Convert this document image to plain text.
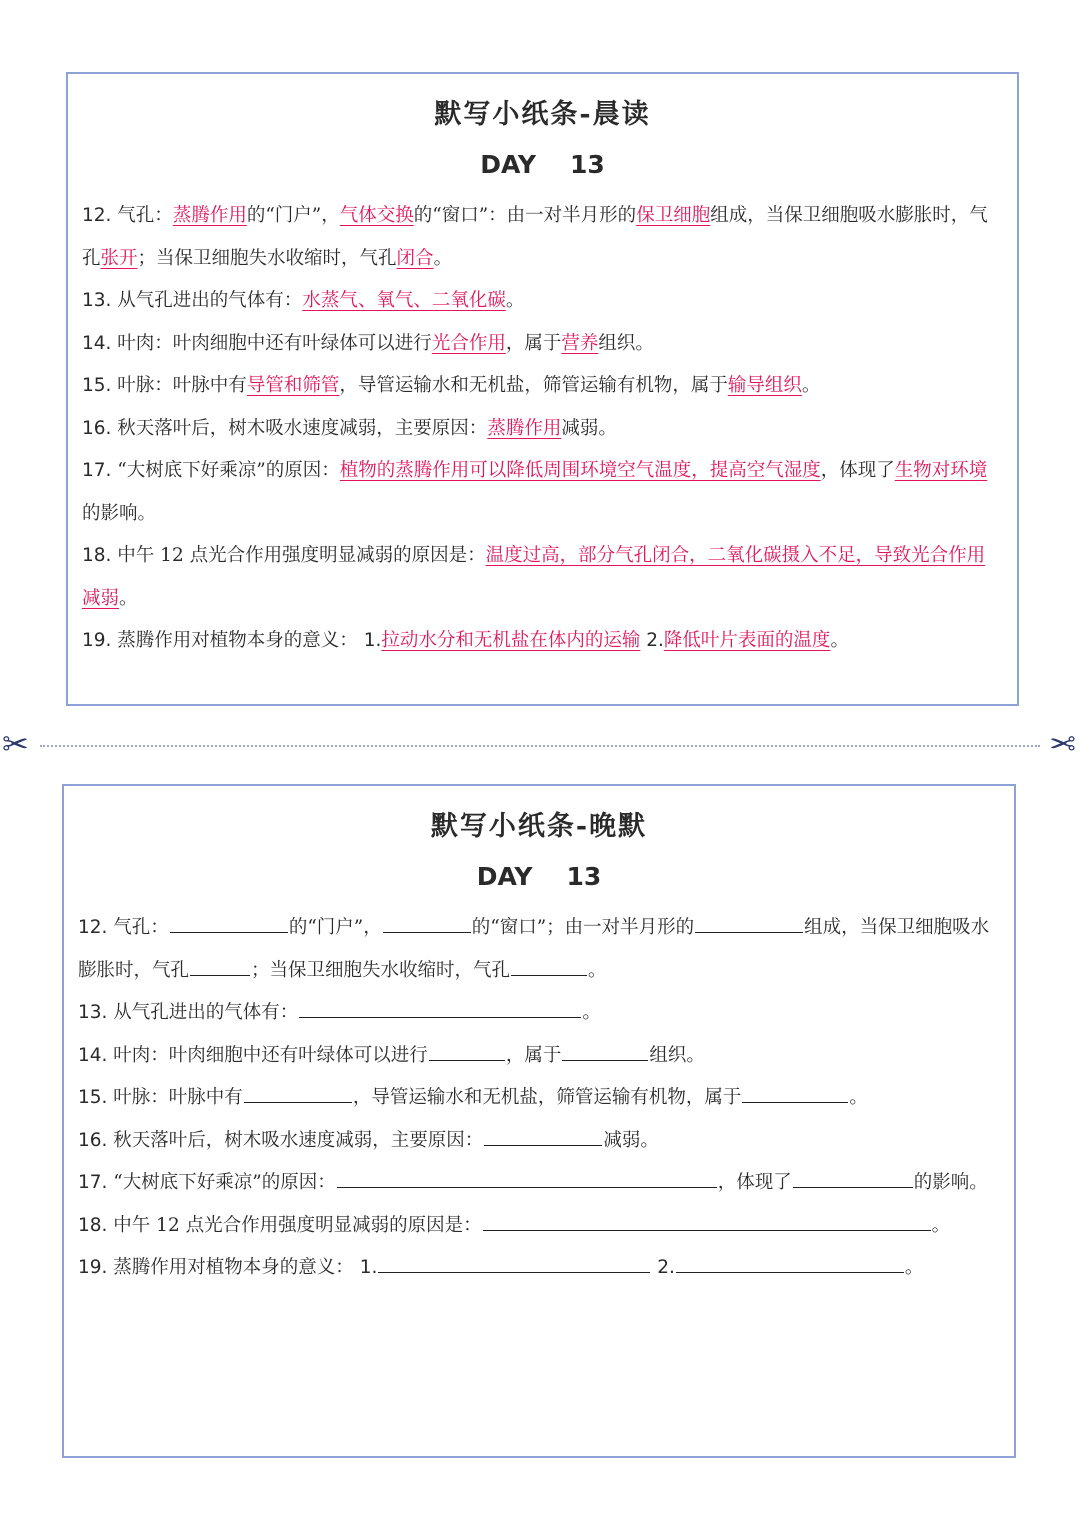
默写小纸条-晨读
DAY 13

12. 气孔：蒸腾作用的“门户”，气体交换的“窗口”：由一对半月形的保卫细胞组成，当保卫细胞吸水膨胀时，气孔张开；当保卫细胞失水收缩时，气孔闭合。

13. 从气孔进出的气体有：水蒸气、氧气、二氧化碳。

14. 叶肉：叶肉细胞中还有叶绿体可以进行光合作用，属于营养组织。

15. 叶脉：叶脉中有导管和筛管，导管运输水和无机盐，筛管运输有机物，属于输导组织。

16. 秋天落叶后，树木吸水速度减弱，主要原因：蒸腾作用减弱。

17. “大树底下好乘凉”的原因：植物的蒸腾作用可以降低周围环境空气温度，提高空气湿度，体现了生物对环境的影响。

18. 中午 12 点光合作用强度明显减弱的原因是：温度过高，部分气孔闭合，二氧化碳摄入不足，导致光合作用减弱。

19. 蒸腾作用对植物本身的意义： 1.拉动水分和无机盐在体内的运输 2.降低叶片表面的温度。

✂	✂
默写小纸条-晚默
DAY 13

12. 气孔：	的“门户”，	的“窗口”；由一对半月形的	组成，当保卫细胞吸水膨胀时，气孔	；当保卫细胞失水收缩时，气孔	。

13. 从气孔进出的气体有：	。

14. 叶肉：叶肉细胞中还有叶绿体可以进行	，属于	组织。

15. 叶脉：叶脉中有	，导管运输水和无机盐，筛管运输有机物，属于	。

16. 秋天落叶后，树木吸水速度减弱，主要原因：	减弱。

17. “大树底下好乘凉”的原因：	，体现了	的影响。

18. 中午 12 点光合作用强度明显减弱的原因是：	。

19. 蒸腾作用对植物本身的意义： 1.	2.	。
